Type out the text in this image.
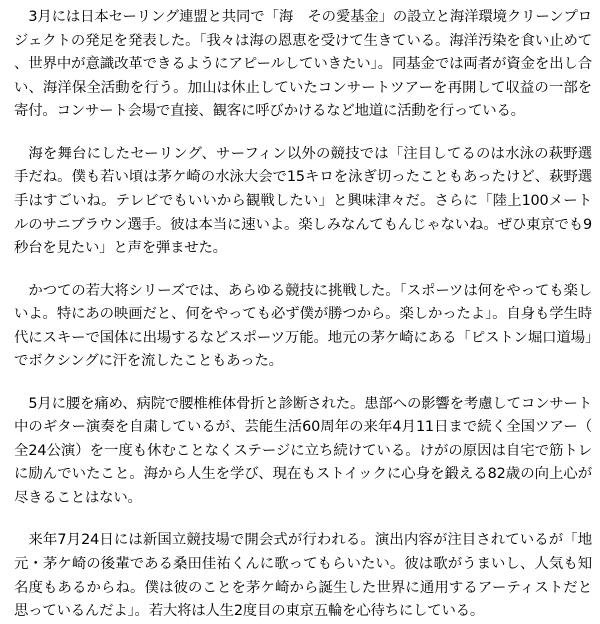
3月には日本セーリング連盟と共同で「海　その愛基金」の設立と海洋環境クリーンプロジェクトの発足を発表した。「我々は海の恩恵を受けて生きている。海洋汚染を食い止めて、世界中が意識改革できるようにアピールしていきたい」。同基金では両者が資金を出し合い、海洋保全活動を行う。加山は休止していたコンサートツアーを再開して収益の一部を寄付。コンサート会場で直接、観客に呼びかけるなど地道に活動を行っている。

海を舞台にしたセーリング、サーフィン以外の競技では「注目してるのは水泳の萩野選手だね。僕も若い頃は茅ケ崎の水泳大会で15キロを泳ぎ切ったこともあったけど、萩野選手はすごいね。テレビでもいいから観戦したい」と興味津々だ。さらに「陸上100メートルのサニブラウン選手。彼は本当に速いよ。楽しみなんてもんじゃないね。ぜひ東京でも9秒台を見たい」と声を弾ませた。

かつての若大将シリーズでは、あらゆる競技に挑戦した。「スポーツは何をやっても楽しいよ。特にあの映画だと、何をやっても必ず僕が勝つから。楽しかったよ」。自身も学生時代にスキーで国体に出場するなどスポーツ万能。地元の茅ケ崎にある「ピストン堀口道場」でボクシングに汗を流したこともあった。

5月に腰を痛め、病院で腰椎椎体骨折と診断された。患部への影響を考慮してコンサート中のギター演奏を自粛しているが、芸能生活60周年の来年4月11日まで続く全国ツアー（全24公演）を一度も休むことなくステージに立ち続けている。けがの原因は自宅で筋トレに励んでいたこと。海から人生を学び、現在もストイックに心身を鍛える82歳の向上心が尽きることはない。

来年7月24日には新国立競技場で開会式が行われる。演出内容が注目されているが「地元・茅ケ崎の後輩である桑田佳祐くんに歌ってもらいたい。彼は歌がうまいし、人気も知名度もあるからね。僕は彼のことを茅ケ崎から誕生した世界に通用するアーティストだと思っているんだよ」。若大将は人生2度目の東京五輪を心待ちにしている。
